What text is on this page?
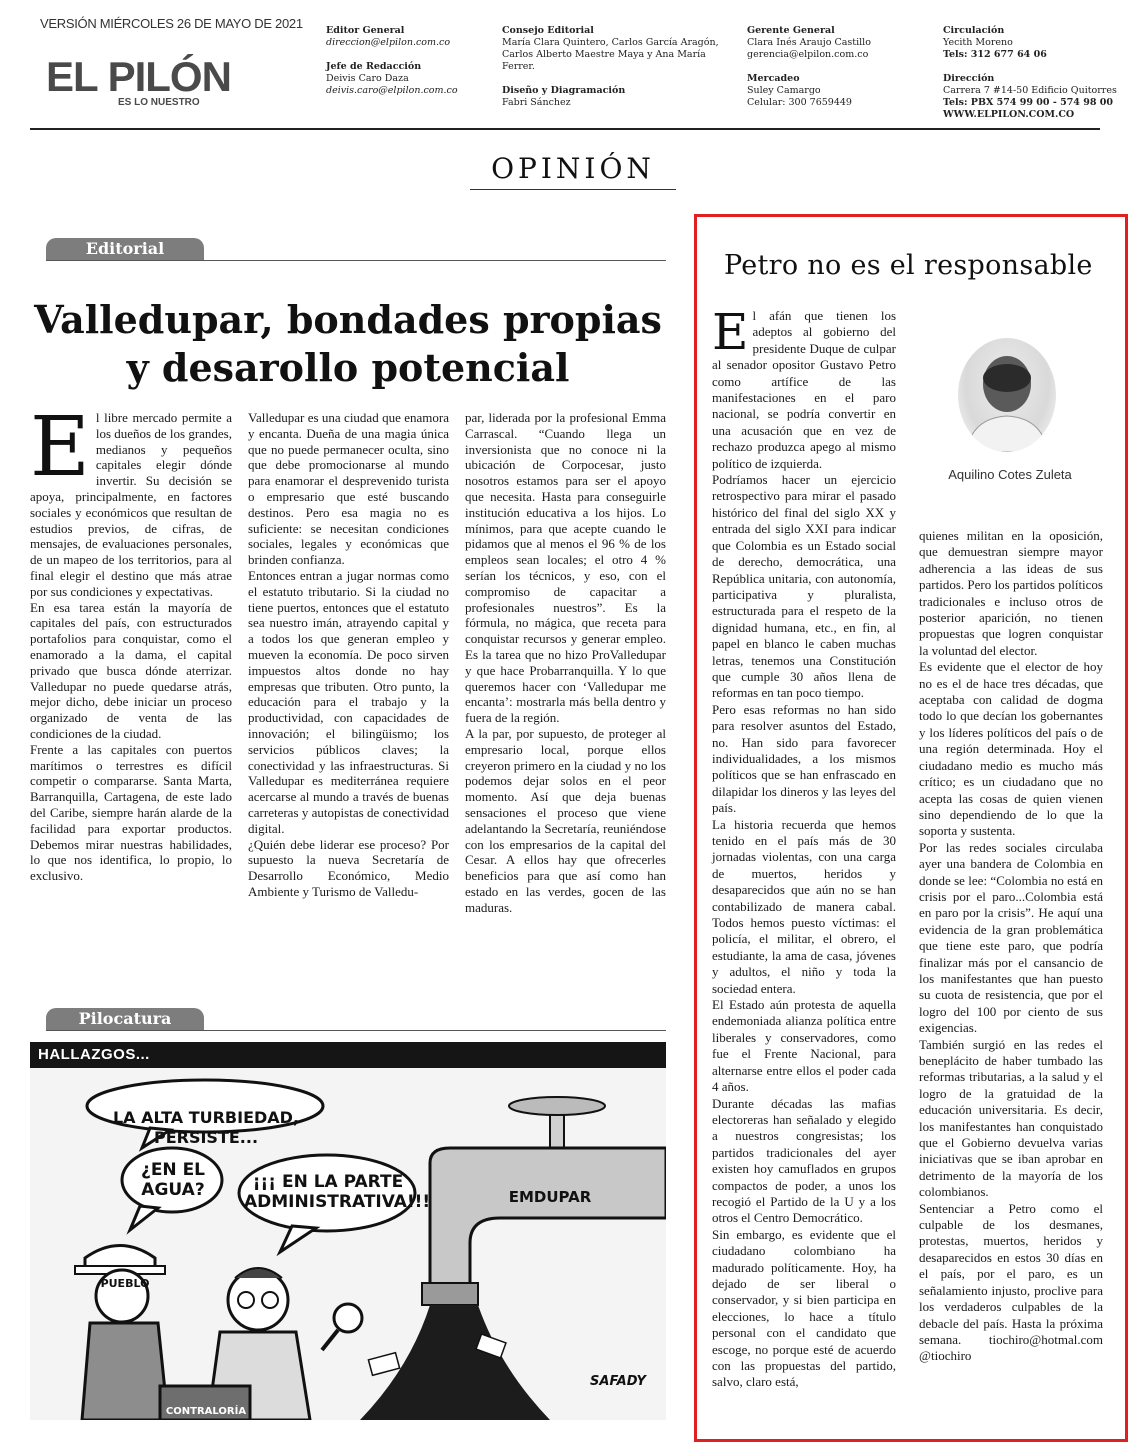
VERSIÓN MIÉRCOLES 26 DE MAYO DE 2021
EL PILÓN
ES LO NUESTRO
Editor General
direccion@elpilon.com.co
Jefe de Redacción
Deivis Caro Daza
deivis.caro@elpilon.com.co
Consejo Editorial
María Clara Quintero, Carlos García Aragón,
Carlos Alberto Maestre Maya y Ana María
Ferrer.
Diseño y Diagramación
Fabri Sánchez
Gerente General
Clara Inés Araujo Castillo
gerencia@elpilon.com.co
Mercadeo
Suley Camargo
Celular: 300 7659449
Circulación
Yecith Moreno
Tels: 312 677 64 06
Dirección
Carrera 7 #14-50 Edificio Quitorres
Tels: PBX 574 99 00 - 574 98 00
WWW.ELPILON.COM.CO
OPINIÓN
Editorial
Valledupar, bondades propias y desarollo potencial
E l libre mercado permite a los dueños de los grandes, medianos y pequeños capitales elegir dónde invertir. Su decisión se apoya, principalmente, en factores sociales y económicos que resultan de estudios previos, de cifras, de mensajes, de evaluaciones personales, de un mapeo de los territorios, para al final elegir el destino que más atrae por sus condiciones y expectativas.

En esa tarea están la mayoría de capitales del país, con estructurados portafolios para conquistar, como el enamorado a la dama, el capital privado que busca dónde aterrizar. Valledupar no puede quedarse atrás, mejor dicho, debe iniciar un proceso organizado de venta de las condiciones de la ciudad.

Frente a las capitales con puertos marítimos o terrestres es difícil competir o compararse. Santa Marta, Barranquilla, Cartagena, de este lado del Caribe, siempre harán alarde de la facilidad para exportar productos. Debemos mirar nuestras habilidades, lo que nos identifica, lo propio, lo exclusivo.

Valledupar es una ciudad que enamora y encanta. Dueña de una magia única que no puede permanecer oculta, sino que debe promocionarse al mundo para enamorar el desprevenido turista o empresario que esté buscando destinos. Pero esa magia no es suficiente: se necesitan condiciones sociales, legales y económicas que brinden confianza.

Entonces entran a jugar normas como el estatuto tributario. Si la ciudad no tiene puertos, entonces que el estatuto sea nuestro imán, atrayendo capital y a todos los que generan empleo y mueven la economía. De poco sirven impuestos altos donde no hay empresas que tributen. Otro punto, la educación para el trabajo y la productividad, con capacidades de innovación; el bilingüismo; los servicios públicos claves; la conectividad y las infraestructuras. Si Valledupar es mediterránea requiere acercarse al mundo a través de buenas carreteras y autopistas de conectividad digital.

¿Quién debe liderar ese proceso? Por supuesto la nueva Secretaría de Desarrollo Económico, Medio Ambiente y Turismo de Valledu-

par, liderada por la profesional Emma Carrascal. “Cuando llega un inversionista que no conoce ni la ubicación de Corpocesar, justo nosotros estamos para ser el apoyo que necesita. Hasta para conseguirle institución educativa a los hijos. Lo mínimos, para que acepte cuando le pidamos que al menos el 96 % de los empleos sean locales; el otro 4 % serían los técnicos, y eso, con el compromiso de capacitar a profesionales nuestros”. Es la fórmula, no mágica, que receta para conquistar recursos y generar empleo. Es la tarea que no hizo ProValledupar y que hace Probarranquilla. Y lo que queremos hacer con ‘Valledupar me encanta’: mostrarla más bella dentro y fuera de la región.

A la par, por supuesto, de proteger al empresario local, porque ellos creyeron primero en la ciudad y no los podemos dejar solos en el peor momento. Así que deja buenas sensaciones el proceso que viene adelantando la Secretaría, reuniéndose con los empresarios de la capital del Cesar. A ellos hay que ofrecerles beneficios para que así como han estado en las verdes, gocen de las maduras.

Pilocatura
HALLAZGOS...
LA ALTA TURBIEDAD, PERSISTE...
¿EN EL AGUA?	¡¡¡ EN LA PARTE ADMINISTRATIVA!!!
PUEBLO
EMDUPAR
CONTRALORÍA
SAFADY
Petro no es el responsable
Aquilino Cotes Zuleta
E l afán que tienen los adeptos al gobierno del presidente Duque de culpar al senador opositor Gustavo Petro como artífice de las manifestaciones en el paro nacional, se podría convertir en una acusación que en vez de rechazo produzca apego al mismo político de izquierda.

Podríamos hacer un ejercicio retrospectivo para mirar el pasado histórico del final del siglo XX y entrada del siglo XXI para indicar que Colombia es un Estado social de derecho, democrática, una República unitaria, con autonomía, participativa y pluralista, estructurada para el respeto de la dignidad humana, etc., en fin, al papel en blanco le caben muchas letras, tenemos una Constitución que cumple 30 años llena de reformas en tan poco tiempo.

Pero esas reformas no han sido para resolver asuntos del Estado, no. Han sido para favorecer individualidades, a los mismos políticos que se han enfrascado en dilapidar los dineros y las leyes del país.

La historia recuerda que hemos tenido en el país más de 30 jornadas violentas, con una carga de muertos, heridos y desaparecidos que aún no se han contabilizado de manera cabal. Todos hemos puesto víctimas: el policía, el militar, el obrero, el estudiante, la ama de casa, jóvenes y adultos, el niño y toda la sociedad entera.

El Estado aún protesta de aquella endemoniada alianza política entre liberales y conservadores, como fue el Frente Nacional, para alternarse entre ellos el poder cada 4 años.

Durante décadas las mafias electoreras han señalado y elegido a nuestros congresistas; los partidos tradicionales del ayer existen hoy camuflados en grupos compactos de poder, a unos los recogió el Partido de la U y a los otros el Centro Democrático.

Sin embargo, es evidente que el ciudadano colombiano ha madurado políticamente. Hoy, ha dejado de ser liberal o conservador, y si bien participa en elecciones, lo hace a título personal con el candidato que escoge, no porque esté de acuerdo con las propuestas del partido, salvo, claro está,

quienes militan en la oposición, que demuestran siempre mayor adherencia a las ideas de sus partidos. Pero los partidos políticos tradicionales e incluso otros de posterior aparición, no tienen propuestas que logren conquistar la voluntad del elector.

Es evidente que el elector de hoy no es el de hace tres décadas, que aceptaba con calidad de dogma todo lo que decían los gobernantes y los líderes políticos del país o de una región determinada. Hoy el ciudadano medio es mucho más crítico; es un ciudadano que no acepta las cosas de quien vienen sino dependiendo de lo que la soporta y sustenta.

Por las redes sociales circulaba ayer una bandera de Colombia en donde se lee: “Colombia no está en crisis por el paro...Colombia está en paro por la crisis”. He aquí una evidencia de la gran problemática que tiene este paro, que podría finalizar más por el cansancio de los manifestantes que han puesto su cuota de resistencia, que por el logro del 100 por ciento de sus exigencias.

También surgió en las redes el beneplácito de haber tumbado las reformas tributarias, a la salud y el logro de la gratuidad de la educación universitaria. Es decir, los manifestantes han conquistado que el Gobierno devuelva varias iniciativas que se iban aprobar en detrimento de la mayoría de los colombianos.

Sentenciar a Petro como el culpable de los desmanes, protestas, muertos, heridos y desaparecidos en estos 30 días en el país, por el paro, es un señalamiento injusto, proclive para los verdaderos culpables de la debacle del país. Hasta la próxima semana. tiochiro@hotmal.com @tiochiro
